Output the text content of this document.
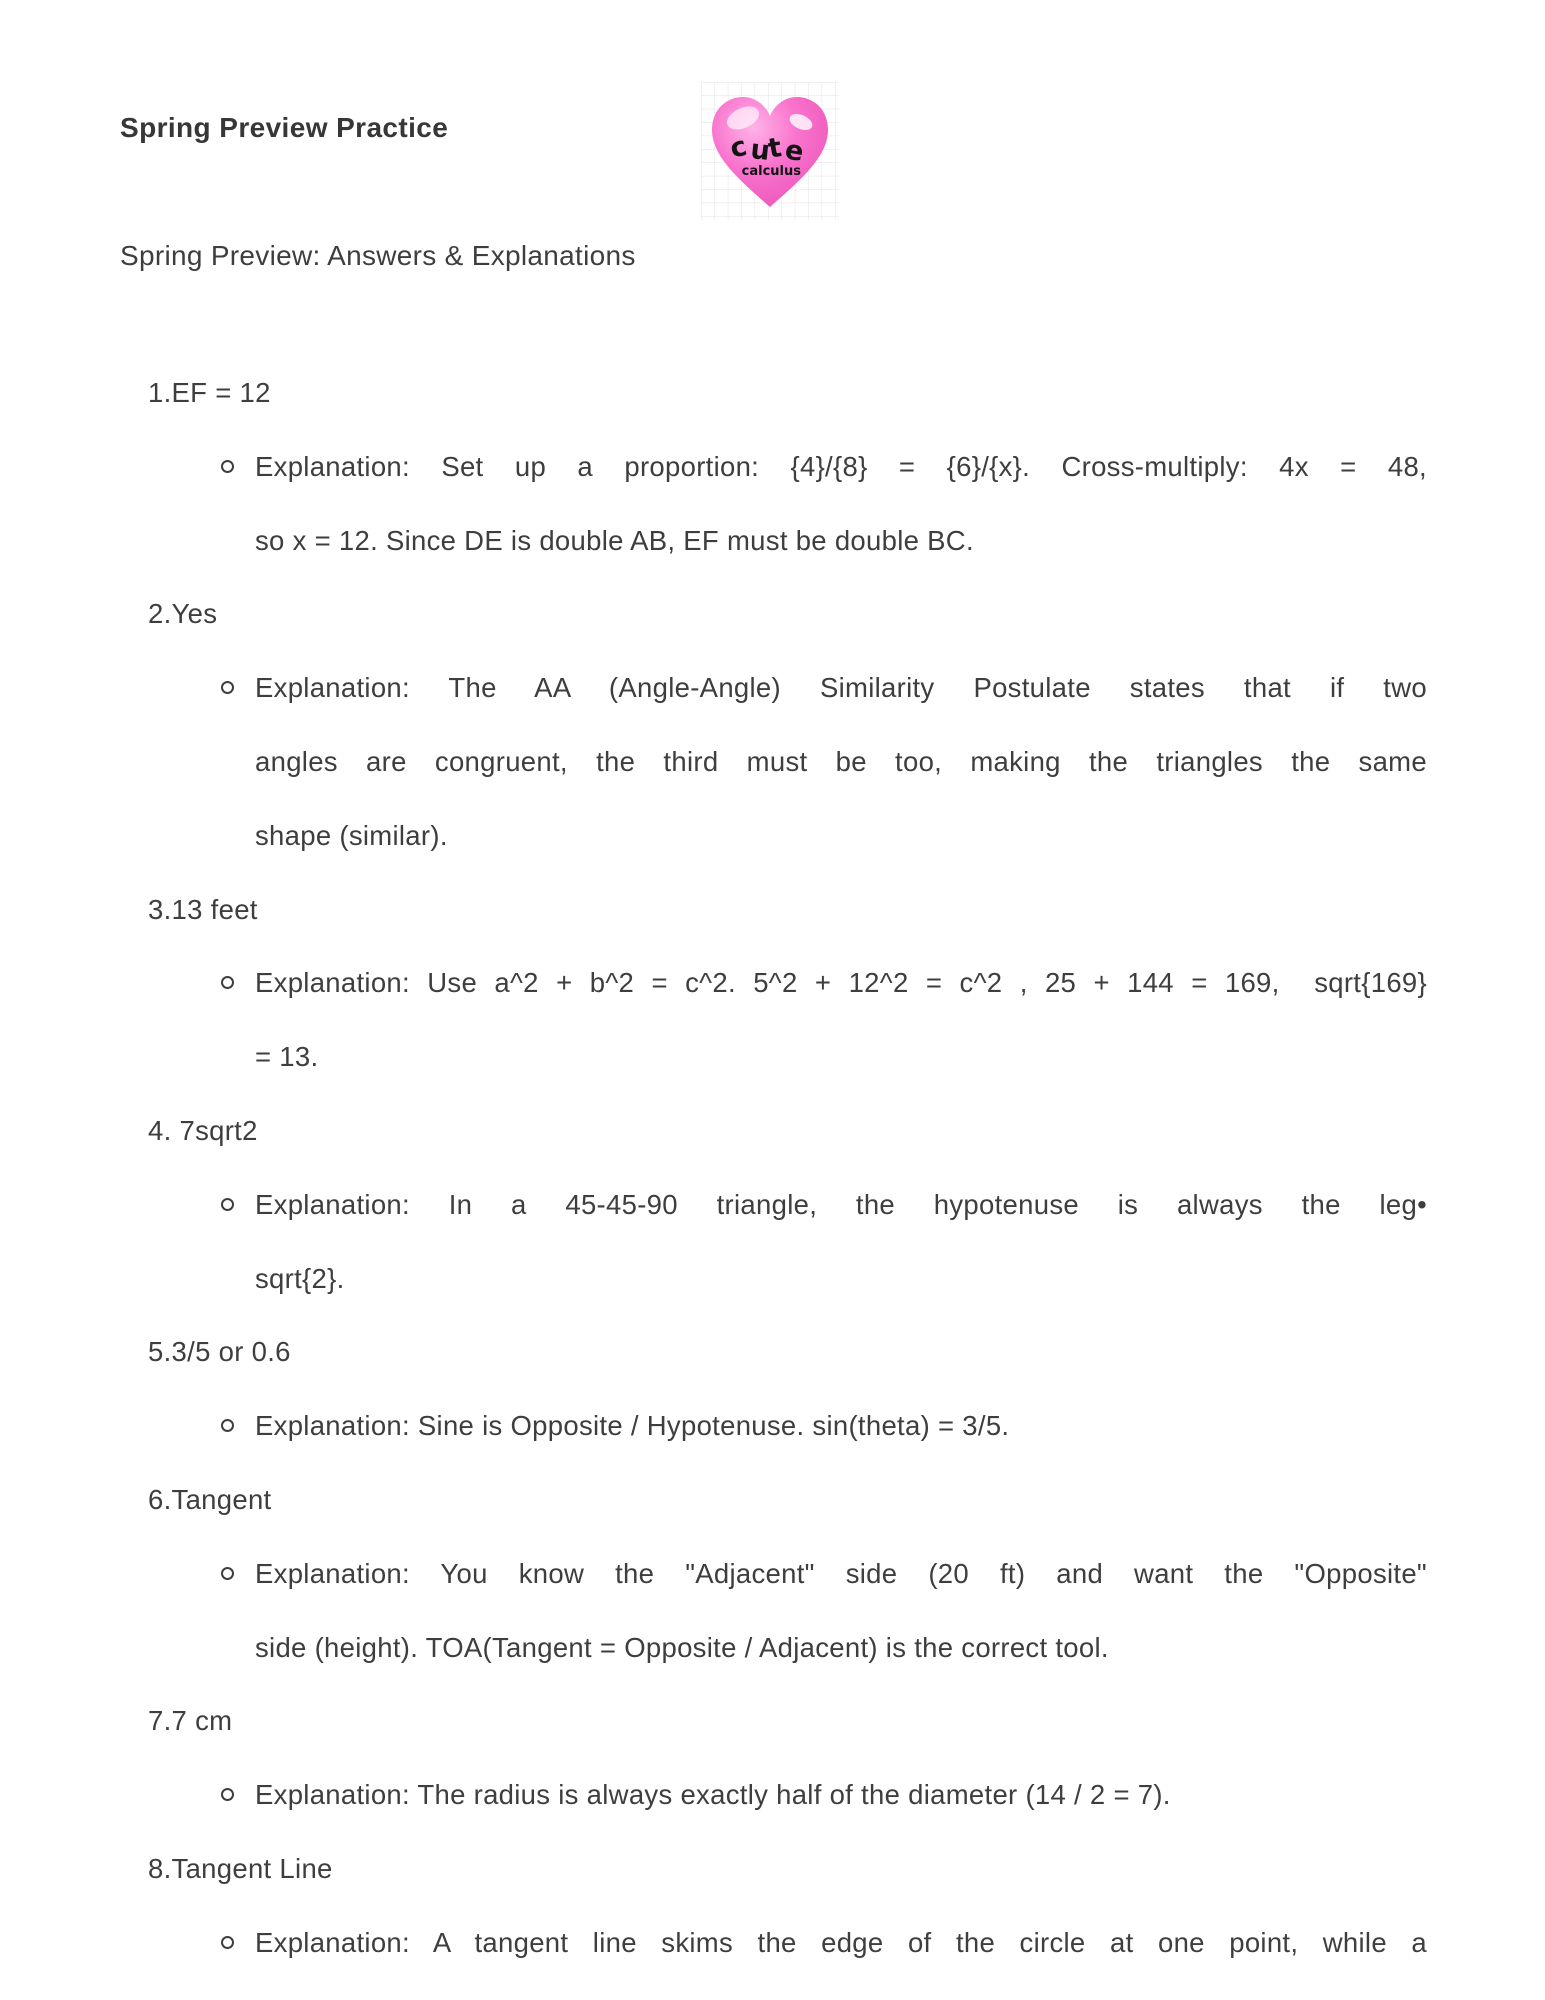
Spring Preview Practice
cute
calculus
Spring Preview: Answers & Explanations
1.EF = 12
Explanation: Set up a proportion: {4}/{8} = {6}/{x}. Cross-multiply: 4x = 48,
so x = 12. Since DE is double AB, EF must be double BC.
2.Yes
Explanation: The AA (Angle-Angle) Similarity Postulate states that if two
angles are congruent, the third must be too, making the triangles the same
shape (similar).
3.13 feet
Explanation: Use a^2 + b^2 = c^2. 5^2 + 12^2 = c^2 , 25 + 144 = 169,  sqrt{169}
= 13.
4. 7sqrt2
Explanation: In a 45-45-90 triangle, the hypotenuse is always the leg•
sqrt{2}.
5.3/5 or 0.6
Explanation: Sine is Opposite / Hypotenuse. sin(theta) = 3/5.
6.Tangent
Explanation: You know the "Adjacent" side (20 ft) and want the "Opposite"
side (height). TOA(Tangent = Opposite / Adjacent) is the correct tool.
7.7 cm
Explanation: The radius is always exactly half of the diameter (14 / 2 = 7).
8.Tangent Line
Explanation: A tangent line skims the edge of the circle at one point, while a
